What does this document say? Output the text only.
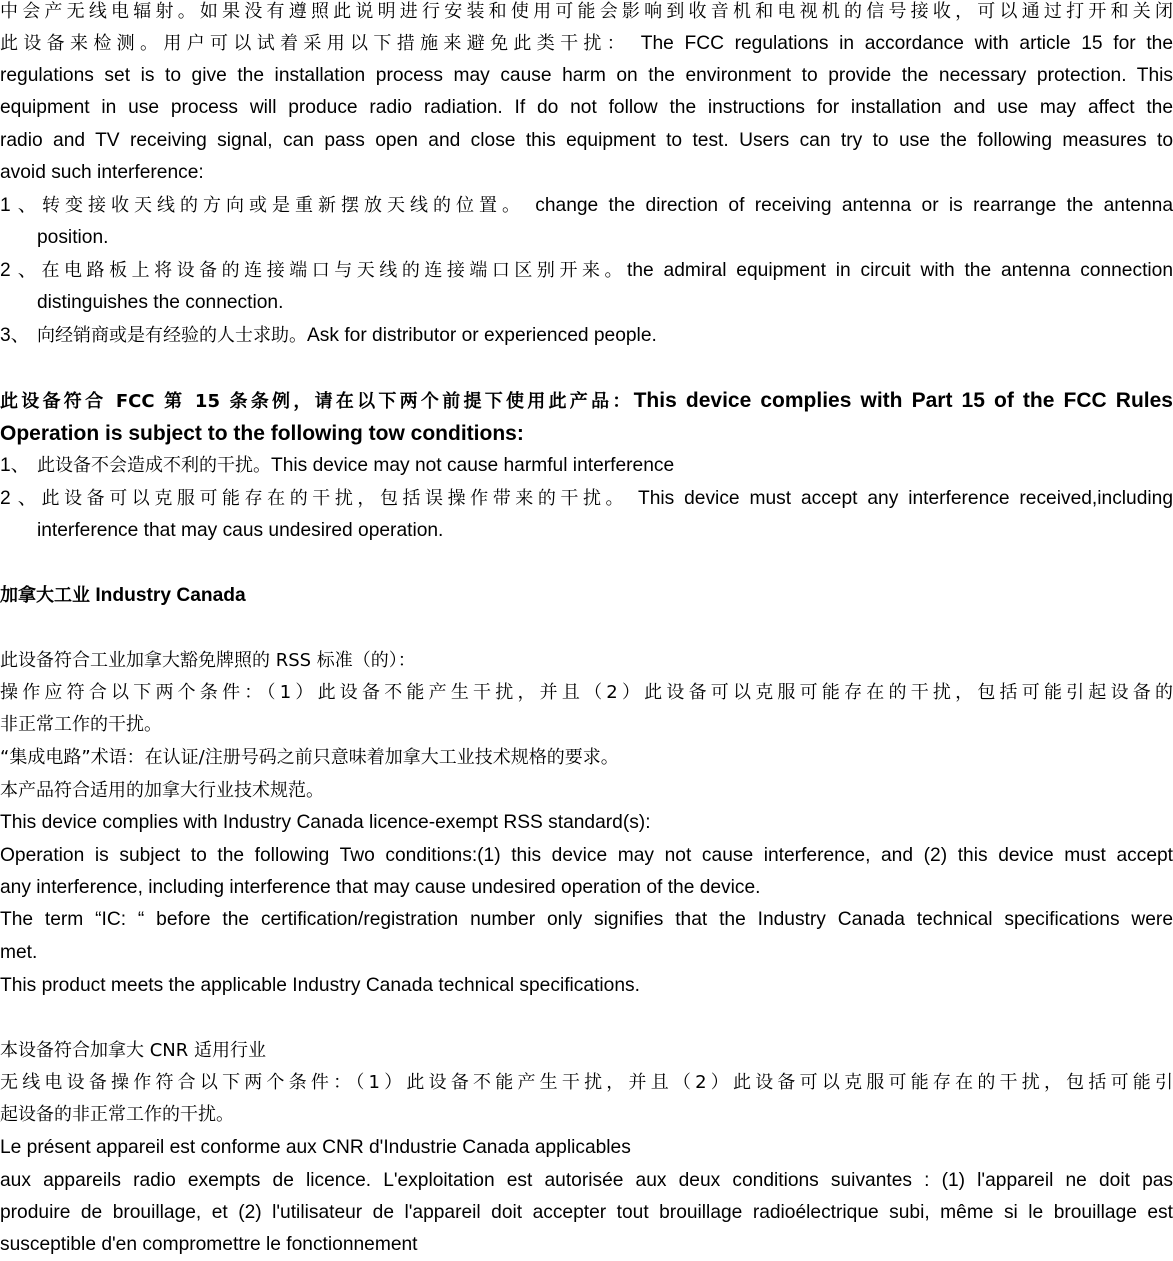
中会产无线电辐射。如果没有遵照此说明进行安装和使用可能会影响到收音机和电视机的信号接收，可以通过打开和关闭
此设备来检测。用户可以试着采用以下措施来避免此类干扰： The FCC regulations in accordance with article 15 for the
regulations set is to give the installation process may cause harm on the environment to provide the necessary protection. This
equipment in use process will produce radio radiation. If do not follow the instructions for installation and use may affect the
radio and TV receiving signal, can pass open and close this equipment to test. Users can try to use the following measures to
avoid such interference:
1、转变接收天线的方向或是重新摆放天线的位置。 change the direction of receiving antenna or is rearrange the antenna
position.
2、在电路板上将设备的连接端口与天线的连接端口区别开来。the admiral equipment in circuit with the antenna connection
distinguishes the connection.
3、 向经销商或是有经验的人士求助。Ask for distributor or experienced people.
此设备符合 FCC 第 15 条条例，请在以下两个前提下使用此产品：This device complies with Part 15 of the FCC Rules
Operation is subject to the following tow conditions:
1、 此设备不会造成不利的干扰。This device may not cause harmful interference
2、此设备可以克服可能存在的干扰，包括误操作带来的干扰。 This device must accept any interference received,including
interference that may caus undesired operation.
加拿大工业 Industry Canada
此设备符合工业加拿大豁免牌照的 RSS 标准（的）：
操作应符合以下两个条件：（1）此设备不能产生干扰，并且（2）此设备可以克服可能存在的干扰，包括可能引起设备的
非正常工作的干扰。
“集成电路”术语：在认证/注册号码之前只意味着加拿大工业技术规格的要求。
本产品符合适用的加拿大行业技术规范。
This device complies with Industry Canada licence-exempt RSS standard(s):
Operation is subject to the following Two conditions:(1) this device may not cause interference, and (2) this device must accept
any interference, including interference that may cause undesired operation of the device.
The term “IC: “ before the certification/registration number only signifies that the Industry Canada technical specifications were
met.
This product meets the applicable Industry Canada technical specifications.
本设备符合加拿大 CNR 适用行业
无线电设备操作符合以下两个条件：（1）此设备不能产生干扰，并且（2）此设备可以克服可能存在的干扰，包括可能引
起设备的非正常工作的干扰。
Le présent appareil est conforme aux CNR d'Industrie Canada applicables
aux appareils radio exempts de licence. L'exploitation est autorisée aux deux conditions suivantes : (1) l'appareil ne doit pas
produire de brouillage, et (2) l'utilisateur de l'appareil doit accepter tout brouillage radioélectrique subi, même si le brouillage est
susceptible d'en compromettre le fonctionnement
